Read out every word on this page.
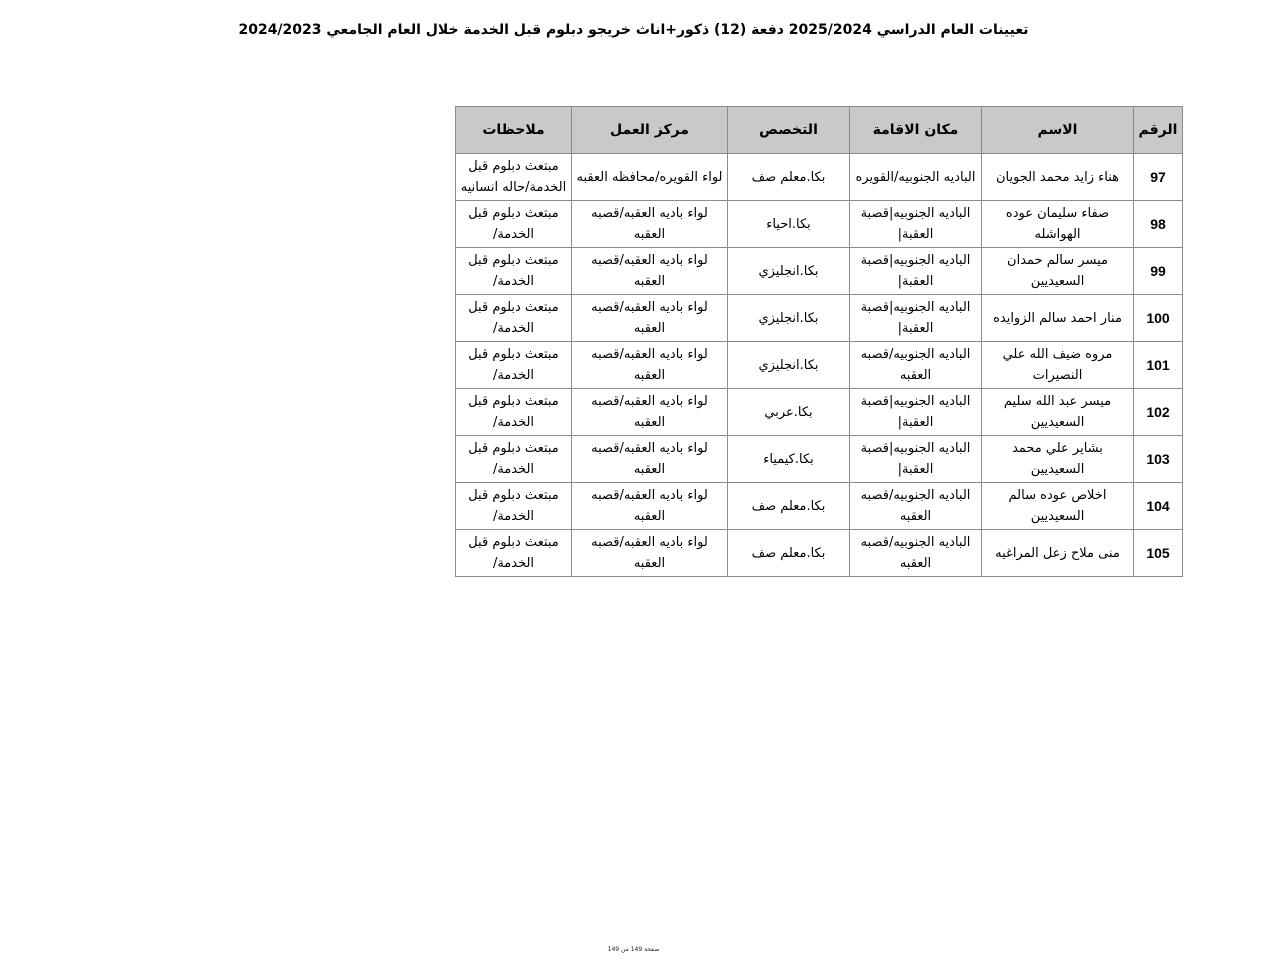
تعيينات العام الدراسي 2025/2024 دفعة (12) ذكور+اناث خريجو دبلوم قبل الخدمة خلال العام الجامعي 2024/2023
الرقم	الاسم	مكان الاقامة	التخصص	مركز العمل	ملاحظات
97	هناء زايد محمد الجويان	الباديه الجنوبيه/القويره	بكا.معلم صف	لواء القويره/محافظه العقبه	مبتعث دبلوم قبل الخدمة/حاله انسانيه
98	صفاء سليمان عوده الهواشله	الباديه الجنوبيه|قصبة العقبة|	بكا.احياء	لواء باديه العقبه/قصبه العقبه	مبتعث دبلوم قبل الخدمة/
99	ميسر سالم حمدان السعيديين	الباديه الجنوبيه|قصبة العقبة|	بكا.انجليزي	لواء باديه العقبه/قصبه العقبه	مبتعث دبلوم قبل الخدمة/
100	منار احمد سالم الزوايده	الباديه الجنوبيه|قصبة العقبة|	بكا.انجليزي	لواء باديه العقبه/قصبه العقبه	مبتعث دبلوم قبل الخدمة/
101	مروه ضيف الله علي النصيرات	الباديه الجنوبيه/قصبه العقبه	بكا.انجليزي	لواء باديه العقبه/قصبه العقبه	مبتعث دبلوم قبل الخدمة/
102	ميسر عبد الله سليم السعيديين	الباديه الجنوبيه|قصبة العقبة|	بكا.عربي	لواء باديه العقبه/قصبه العقبه	مبتعث دبلوم قبل الخدمة/
103	بشاير علي محمد السعيديين	الباديه الجنوبيه|قصبة العقبة|	بكا.كيمياء	لواء باديه العقبه/قصبه العقبه	مبتعث دبلوم قبل الخدمة/
104	اخلاص عوده سالم السعيديين	الباديه الجنوبيه/قصبه العقبه	بكا.معلم صف	لواء باديه العقبه/قصبه العقبه	مبتعث دبلوم قبل الخدمة/
105	منى ملاح زعل المراغيه	الباديه الجنوبيه/قصبه العقبه	بكا.معلم صف	لواء باديه العقبه/قصبه العقبه	مبتعث دبلوم قبل الخدمة/
صفحة 149 من 149
